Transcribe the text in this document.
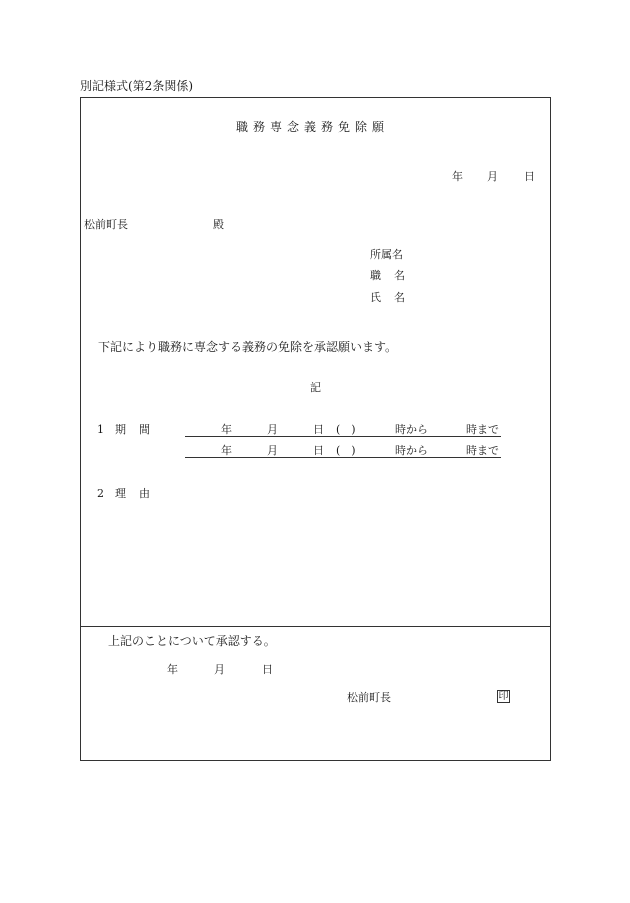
別記様式(第2条関係)
職務専念義務免除願
年 月 日
松前町長	殿
所属名
職 名
氏 名
下記により職務に専念する義務の免除を承認願います。
記
1 期 間	年	月	日 (　)	時から	時まで
年	月	日 (　)	時から	時まで
2 理 由
上記のことについて承認する。
年	月	日
松前町長	印
